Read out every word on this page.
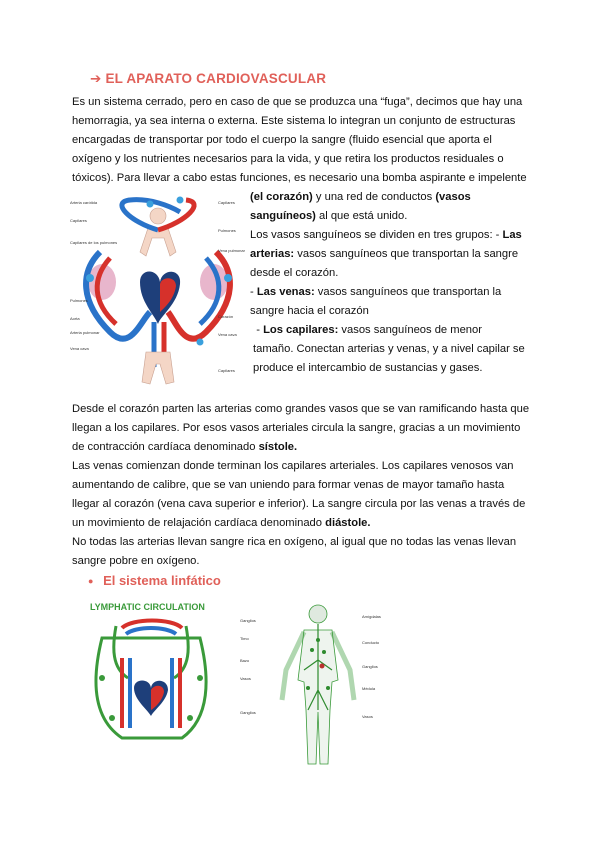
➔ EL APARATO CARDIOVASCULAR
Es un sistema cerrado, pero en caso de que se produzca una “fuga”, decimos que hay una
hemorragia, ya sea interna o externa. Este sistema lo integran un conjunto de estructuras
encargadas de transportar por todo el cuerpo la sangre (fluido esencial que aporta el
oxígeno y los nutrientes necesarios para la vida, y que retira los productos residuales o
tóxicos). Para llevar a cabo estas funciones, es necesario una bomba aspirante e impelente
Arteria carótida
Capilares
Capilares de los pulmones
Pulmones
Aorta
Arteria pulmonar
Vena cava
Capilares
Pulmones
Vena pulmonar
Corazón
Vena cava
Capilares
(el corazón) y una red de conductos (vasos
sanguíneos) al que está unido.
Los vasos sanguíneos se dividen en tres grupos: - Las
arterias: vasos sanguíneos que transportan la sangre
desde el corazón.
- Las venas: vasos sanguíneos que transportan la
sangre hacia el corazón
- Los capilares: vasos sanguíneos de menor
tamaño. Conectan arterias y venas, y a nivel capilar se
produce el intercambio de sustancias y gases.
Desde el corazón parten las arterias como grandes vasos que se van ramificando hasta que
llegan a los capilares. Por esos vasos arteriales circula la sangre, gracias a un movimiento
de contracción cardíaca denominado sístole.
Las venas comienzan donde terminan los capilares arteriales. Los capilares venosos van
aumentando de calibre, que se van uniendo para formar venas de mayor tamaño hasta
llegar al corazón (vena cava superior e inferior). La sangre circula por las venas a través de
un movimiento de relajación cardíaca denominado diástole.
No todas las arterias llevan sangre rica en oxígeno, al igual que no todas las venas llevan
sangre pobre en oxígeno.
● El sistema linfático
LYMPHATIC CIRCULATION
Ganglios
Timo
Bazo
Vasos
Ganglios
Amígdalas
Conducto
Ganglios
Médula
Vasos
